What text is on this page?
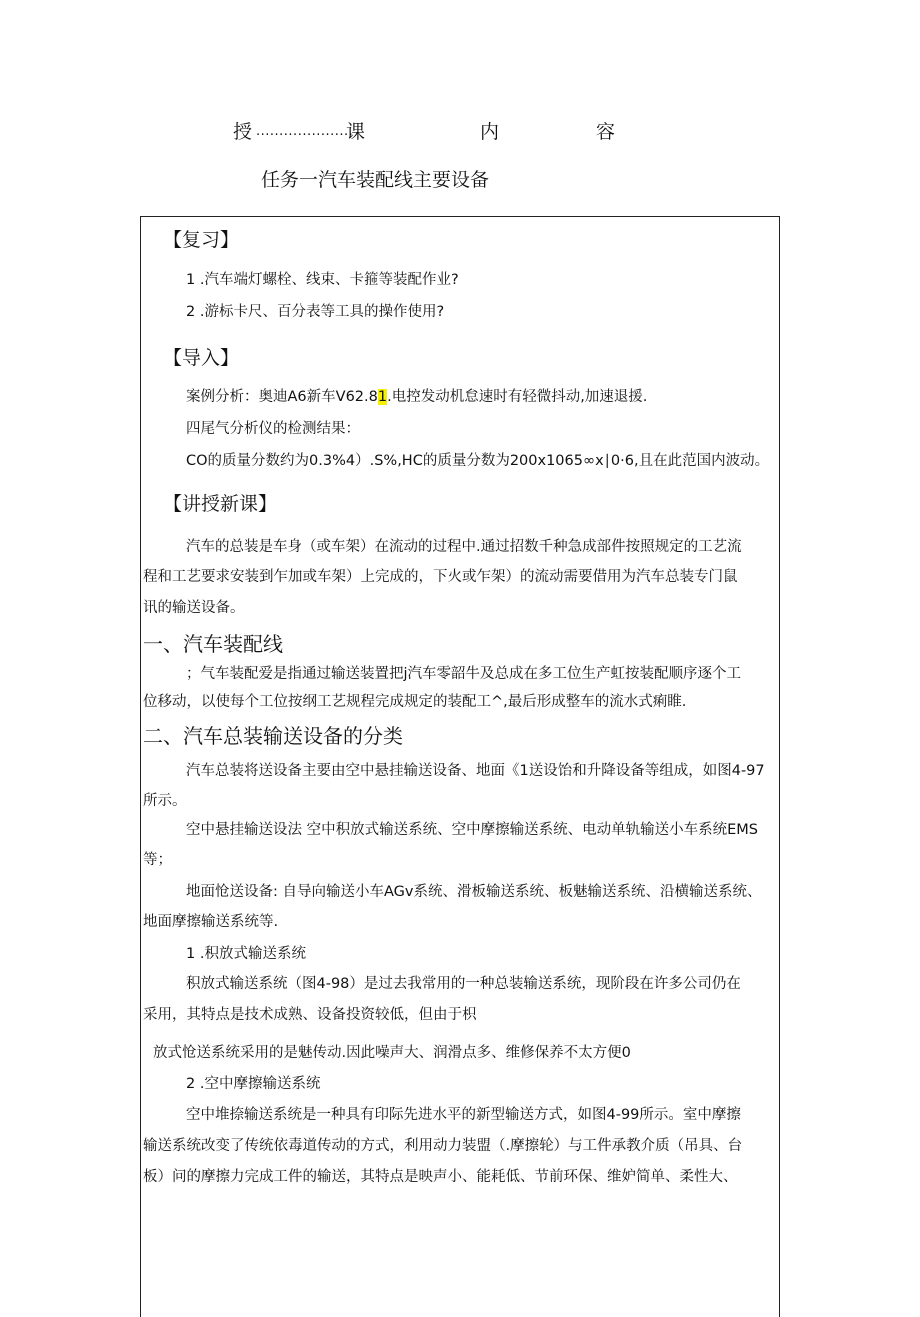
授 .....................
课	内	容
任务一汽车装配线主要设备
【复习】
1 .汽车端灯螺栓、线束、卡箍等装配作业?
2 .游标卡尺、百分表等工具的操作使用?
【导入】
案例分析：奥迪A6新车V62.81.电控发动机怠速时有轻微抖动,加速退援.
四尾气分析仪的检测结果：
CO的质量分数约为0.3%4）.S%,HC的质量分数为200x1065∞x∣0·6,且在此范国内波动。
【讲授新课】
汽车的总装是车身（或车架）在流动的过程中.通过招数千种急成部件按照规定的工艺流
程和工艺要求安装到乍加或车架）上完成的，下火或乍架）的流动需要借用为汽车总装专门鼠
讯的输送设备。
一、汽车装配线
；气车装配爱是指通过输送装置把j汽车零韶牛及总成在多工位生产虹按装配顺序逐个工
位移动，以使每个工位按纲工艺规程完成规定的装配工^,最后形成整车的流水式痢睢.
二、汽车总装输送设备的分类
汽车总装将送设备主要由空中悬挂输送设备、地面《1送设饴和升降设备等组成，如图4-97
所示。
空中悬挂输送设法 空中积放式输送系统、空中摩擦输送系统、电动单轨输送小车系统EMS
等；
地面怆送设备: 自导向输送小车AGv系统、滑板输送系统、板魅输送系统、沿横输送系统、
地面摩擦输送系统等.
1 .积放式输送系统
积放式输送系统（图4-98）是过去我常用的一种总装输送系统，现阶段在许多公司仍在
采用，其特点是技术成熟、设备投资较低，但由于枳
放式怆送系统采用的是魅传动.因此噪声大、润滑点多、维修保养不太方便0
2 .空中摩擦输送系统
空中堆捺输送系统是一种具有印际先进水平的新型输送方式，如图4-99所示。室中摩擦
输送系统改变了传统依毒道传动的方式，利用动力装盟（.摩擦轮）与工件承教介质（吊具、台
板）问的摩擦力完成工件的输送，其特点是映声小、能耗低、节前环保、维妒简单、柔性大、
